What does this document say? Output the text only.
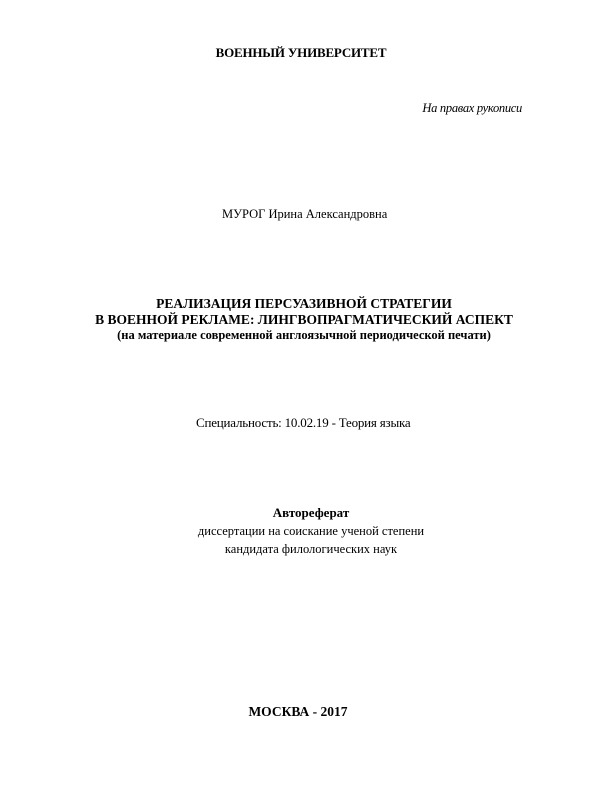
ВОЕННЫЙ УНИВЕРСИТЕТ

На правах рукописи

МУРОГ Ирина Александровна

РЕАЛИЗАЦИЯ ПЕРСУАЗИВНОЙ СТРАТЕГИИ

В ВОЕННОЙ РЕКЛАМЕ: ЛИНГВОПРАГМАТИЧЕСКИЙ АСПЕКТ

(на материале современной англоязычной периодической печати)

Специальность: 10.02.19 - Теория языка

Автореферат

диссертации на соискание ученой степени

кандидата филологических наук

МОСКВА - 2017
